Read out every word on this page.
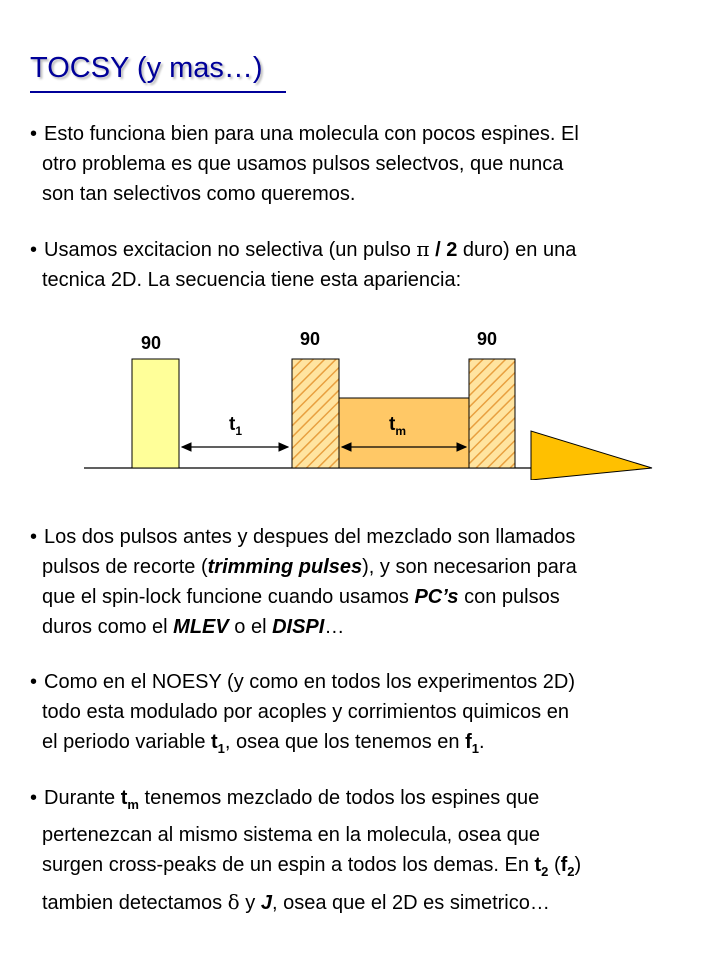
TOCSY (y mas…)
• Esto funciona bien para una molecula con pocos espines. El
otro problema es que usamos pulsos selectvos, que nunca
son tan selectivos como queremos.
• Usamos excitacion no selectiva (un pulso π / 2 duro) en una
tecnica 2D. La secuencia tiene esta apariencia:
90	90	90
$t_1$	$t_m$
• Los dos pulsos antes y despues del mezclado son llamados
pulsos de recorte (trimming pulses), y son necesarion para
que el spin-lock funcione cuando usamos PC’s con pulsos
duros como el MLEV o el DISPI…
• Como en el NOESY (y como en todos los experimentos 2D)
todo esta modulado por acoples y corrimientos quimicos en
el periodo variable $t_1$, osea que los tenemos en $f_1$.
• Durante $t_m$ tenemos mezclado de todos los espines que
pertenezcan al mismo sistema en la molecula, osea que
surgen cross-peaks de un espin a todos los demas. En $t_2$ $(f_2)$
tambien detectamos δ y J, osea que el 2D es simetrico…
